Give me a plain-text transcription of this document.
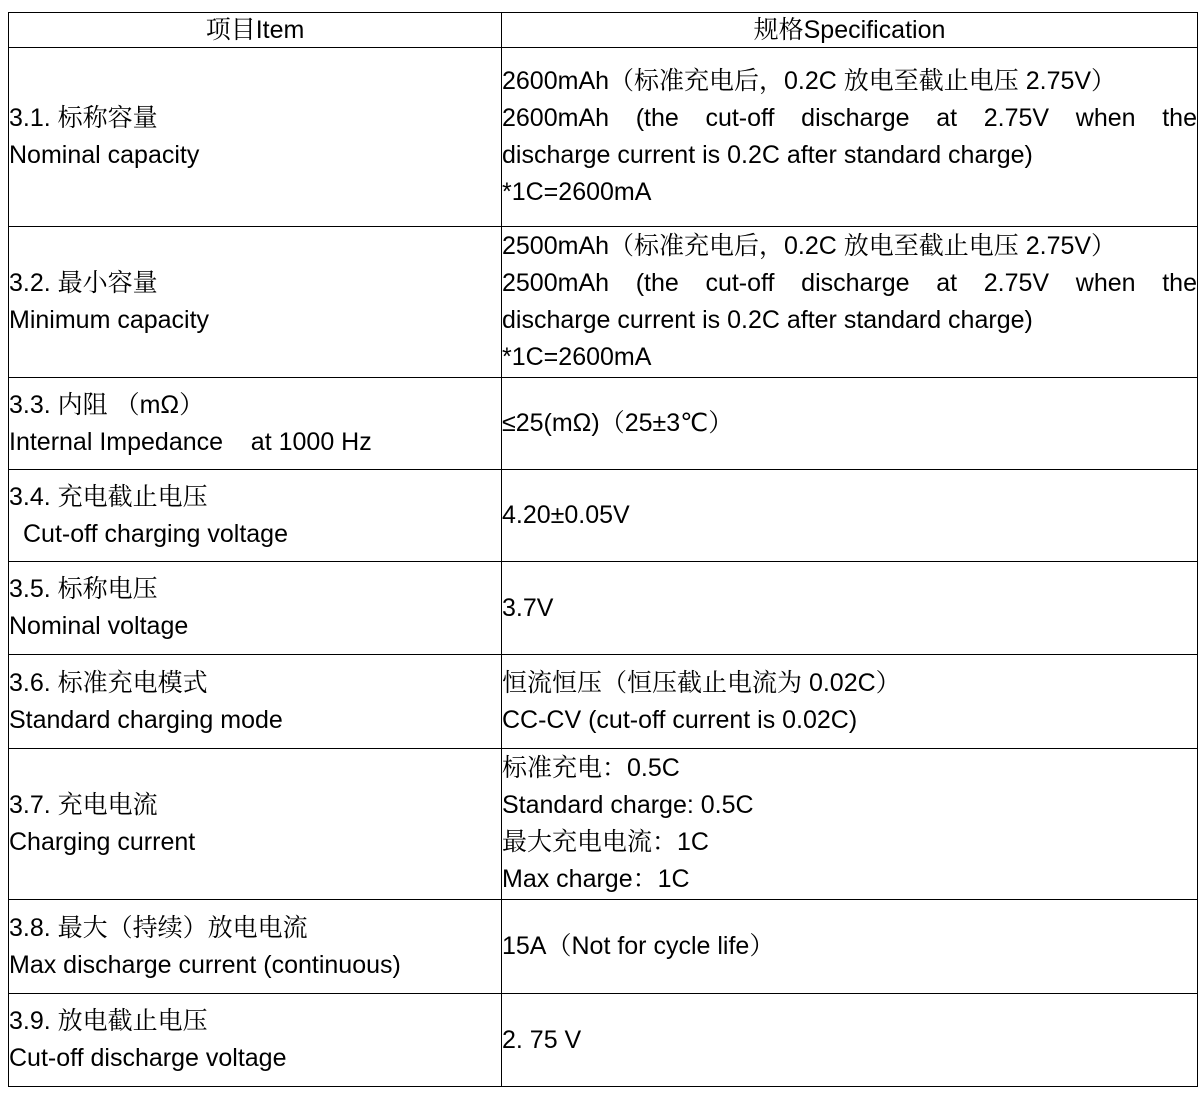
项目Item	规格Specification

3.1. 标称容量
Nominal capacity	2600mAh（标准充电后，0.2C 放电至截止电压 2.75V）
2600mAh (the cut-off discharge at 2.75V when the
discharge current is 0.2C after standard charge)
*1C=2600mA

3.2. 最小容量
Minimum capacity	2500mAh（标准充电后，0.2C 放电至截止电压 2.75V）
2500mAh (the cut-off discharge at 2.75V when the
discharge current is 0.2C after standard charge)
*1C=2600mA

3.3. 内阻 （mΩ）
Internal Impedance    at 1000 Hz	≤25(mΩ)（25±3℃）

3.4. 充电截止电压
Cut-off charging voltage	4.20±0.05V

3.5. 标称电压
Nominal voltage	3.7V

3.6. 标准充电模式
Standard charging mode	恒流恒压（恒压截止电流为 0.02C）
CC-CV (cut-off current is 0.02C)

3.7. 充电电流
Charging current	标准充电：0.5C
Standard charge: 0.5C
最大充电电流：1C
Max charge：1C

3.8. 最大（持续）放电电流
Max discharge current (continuous)	15A（Not for cycle life）

3.9. 放电截止电压
Cut-off discharge voltage	2. 75 V
